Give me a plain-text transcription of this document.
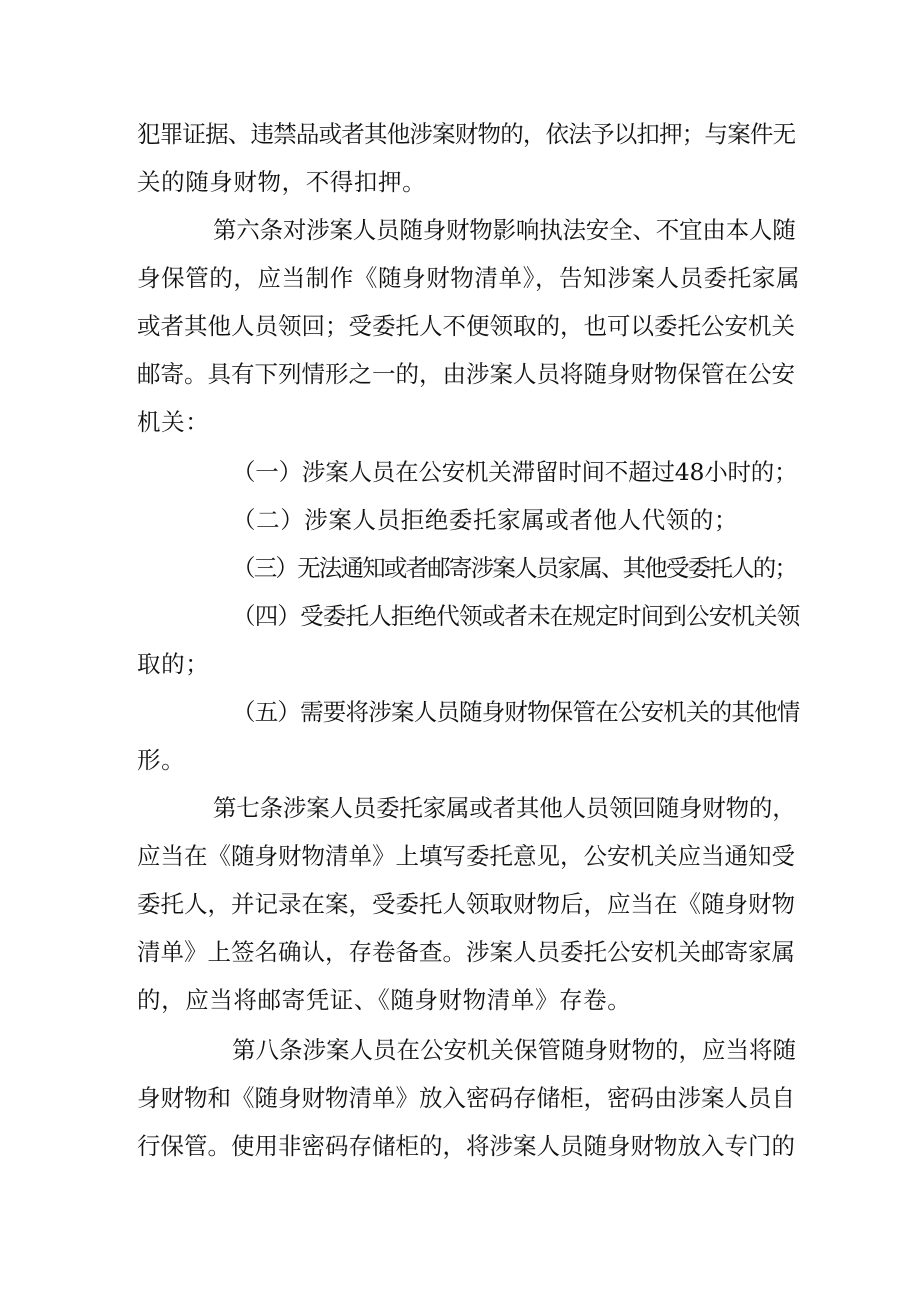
犯罪证据、违禁品或者其他涉案财物的，依法予以扣押；与案件无
关的随身财物，不得扣押。
第六条对涉案人员随身财物影响执法安全、不宜由本人随
身保管的，应当制作《随身财物清单》，告知涉案人员委托家属
或者其他人员领回；受委托人不便领取的，也可以委托公安机关
邮寄。具有下列情形之一的，由涉案人员将随身财物保管在公安
机关：
（一）涉案人员在公安机关滞留时间不超过48小时的；
（二）涉案人员拒绝委托家属或者他人代领的；
（三）无法通知或者邮寄涉案人员家属、其他受委托人的；
（四）受委托人拒绝代领或者未在规定时间到公安机关领
取的；
（五）需要将涉案人员随身财物保管在公安机关的其他情
形。
第七条涉案人员委托家属或者其他人员领回随身财物的，
应当在《随身财物清单》上填写委托意见，公安机关应当通知受
委托人，并记录在案，受委托人领取财物后，应当在《随身财物
清单》上签名确认，存卷备查。涉案人员委托公安机关邮寄家属
的，应当将邮寄凭证、《随身财物清单》存卷。
第八条涉案人员在公安机关保管随身财物的，应当将随
身财物和《随身财物清单》放入密码存储柜，密码由涉案人员自
行保管。使用非密码存储柜的，将涉案人员随身财物放入专门的
